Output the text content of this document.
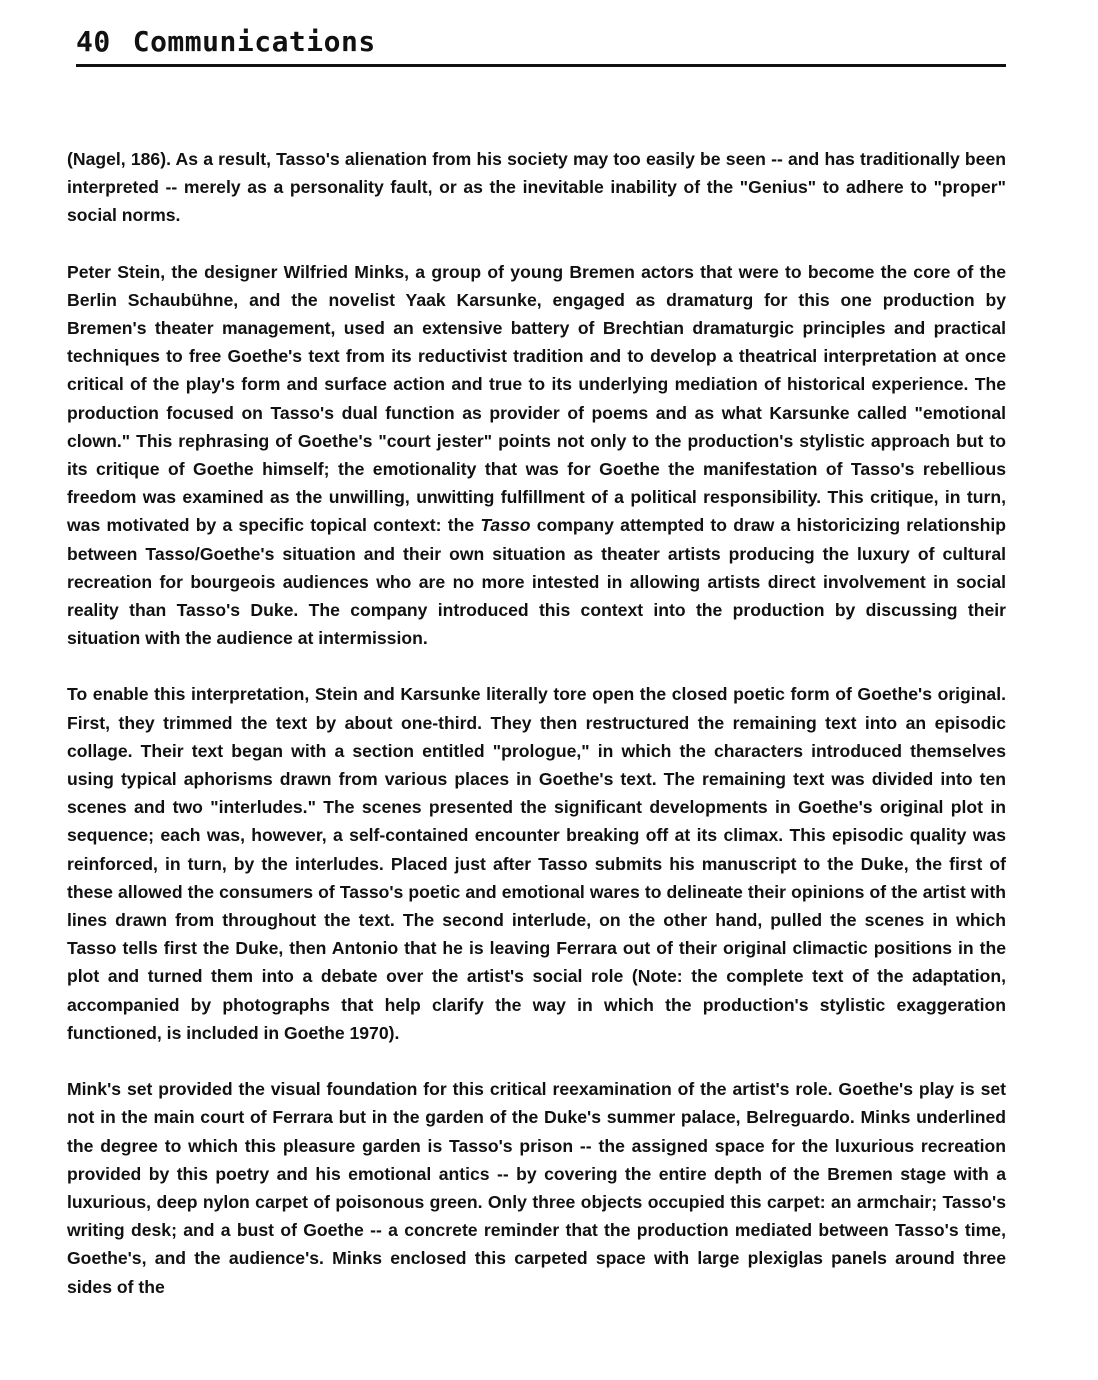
40 Communications

(Nagel, 186). As a result, Tasso's alienation from his society may too easily be seen -- and has traditionally been interpreted -- merely as a personality fault, or as the inevitable inability of the "Genius" to adhere to "proper" social norms.

Peter Stein, the designer Wilfried Minks, a group of young Bremen actors that were to become the core of the Berlin Schaubühne, and the novelist Yaak Karsunke, engaged as dramaturg for this one production by Bremen's theater management, used an extensive battery of Brechtian dramaturgic principles and practical techniques to free Goethe's text from its reductivist tradition and to develop a theatrical interpretation at once critical of the play's form and surface action and true to its underlying mediation of historical experience. The production focused on Tasso's dual function as provider of poems and as what Karsunke called "emotional clown." This rephrasing of Goethe's "court jester" points not only to the production's stylistic approach but to its critique of Goethe himself; the emotionality that was for Goethe the manifestation of Tasso's rebellious freedom was examined as the unwilling, unwitting fulfillment of a political responsibility. This critique, in turn, was motivated by a specific topical context: the Tasso company attempted to draw a historicizing relationship between Tasso/Goethe's situation and their own situation as theater artists producing the luxury of cultural recreation for bourgeois audiences who are no more intested in allowing artists direct involvement in social reality than Tasso's Duke. The company introduced this context into the production by discussing their situation with the audience at intermission.

To enable this interpretation, Stein and Karsunke literally tore open the closed poetic form of Goethe's original. First, they trimmed the text by about one-third. They then restructured the remaining text into an episodic collage. Their text began with a section entitled "prologue," in which the characters introduced themselves using typical aphorisms drawn from various places in Goethe's text. The remaining text was divided into ten scenes and two "interludes." The scenes presented the significant developments in Goethe's original plot in sequence; each was, however, a self-contained encounter breaking off at its climax. This episodic quality was reinforced, in turn, by the interludes. Placed just after Tasso submits his manuscript to the Duke, the first of these allowed the consumers of Tasso's poetic and emotional wares to delineate their opinions of the artist with lines drawn from throughout the text. The second interlude, on the other hand, pulled the scenes in which Tasso tells first the Duke, then Antonio that he is leaving Ferrara out of their original climactic positions in the plot and turned them into a debate over the artist's social role (Note: the complete text of the adaptation, accompanied by photographs that help clarify the way in which the production's stylistic exaggeration functioned, is included in Goethe 1970).

Mink's set provided the visual foundation for this critical reexamination of the artist's role. Goethe's play is set not in the main court of Ferrara but in the garden of the Duke's summer palace, Belreguardo. Minks underlined the degree to which this pleasure garden is Tasso's prison -- the assigned space for the luxurious recreation provided by this poetry and his emotional antics -- by covering the entire depth of the Bremen stage with a luxurious, deep nylon carpet of poisonous green. Only three objects occupied this carpet: an armchair; Tasso's writing desk; and a bust of Goethe -- a concrete reminder that the production mediated between Tasso's time, Goethe's, and the audience's. Minks enclosed this carpeted space with large plexiglas panels around three sides of the
